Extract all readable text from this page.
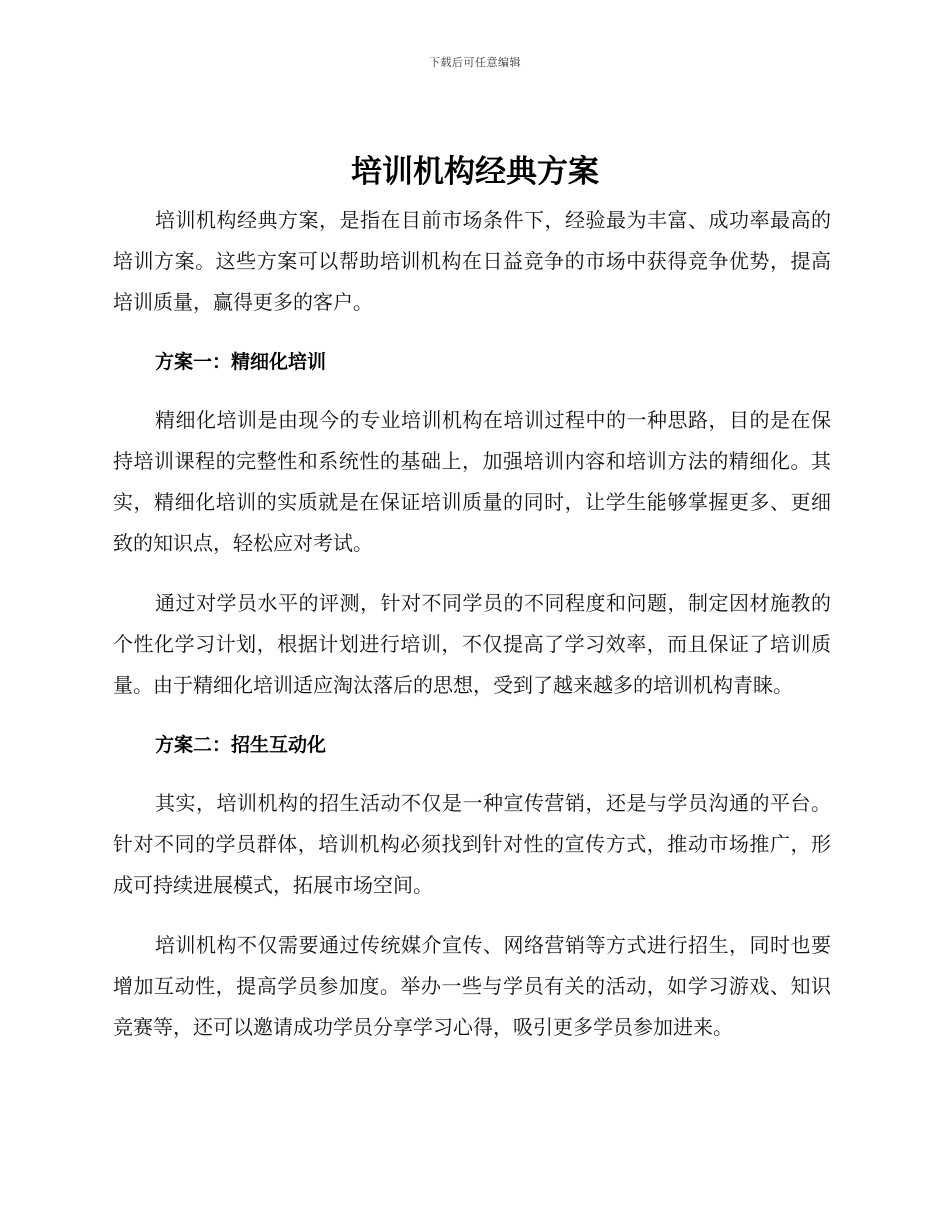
下载后可任意编辑
培训机构经典方案

培训机构经典方案，是指在目前市场条件下，经验最为丰富、成功率最高的培训方案。这些方案可以帮助培训机构在日益竞争的市场中获得竞争优势，提高培训质量，赢得更多的客户。

方案一：精细化培训

精细化培训是由现今的专业培训机构在培训过程中的一种思路，目的是在保持培训课程的完整性和系统性的基础上，加强培训内容和培训方法的精细化。其实，精细化培训的实质就是在保证培训质量的同时，让学生能够掌握更多、更细致的知识点，轻松应对考试。

通过对学员水平的评测，针对不同学员的不同程度和问题，制定因材施教的个性化学习计划，根据计划进行培训，不仅提高了学习效率，而且保证了培训质量。由于精细化培训适应淘汰落后的思想，受到了越来越多的培训机构青睐。

方案二：招生互动化

其实，培训机构的招生活动不仅是一种宣传营销，还是与学员沟通的平台。针对不同的学员群体，培训机构必须找到针对性的宣传方式，推动市场推广，形成可持续进展模式，拓展市场空间。

培训机构不仅需要通过传统媒介宣传、网络营销等方式进行招生，同时也要增加互动性，提高学员参加度。举办一些与学员有关的活动，如学习游戏、知识竞赛等，还可以邀请成功学员分享学习心得，吸引更多学员参加进来。
